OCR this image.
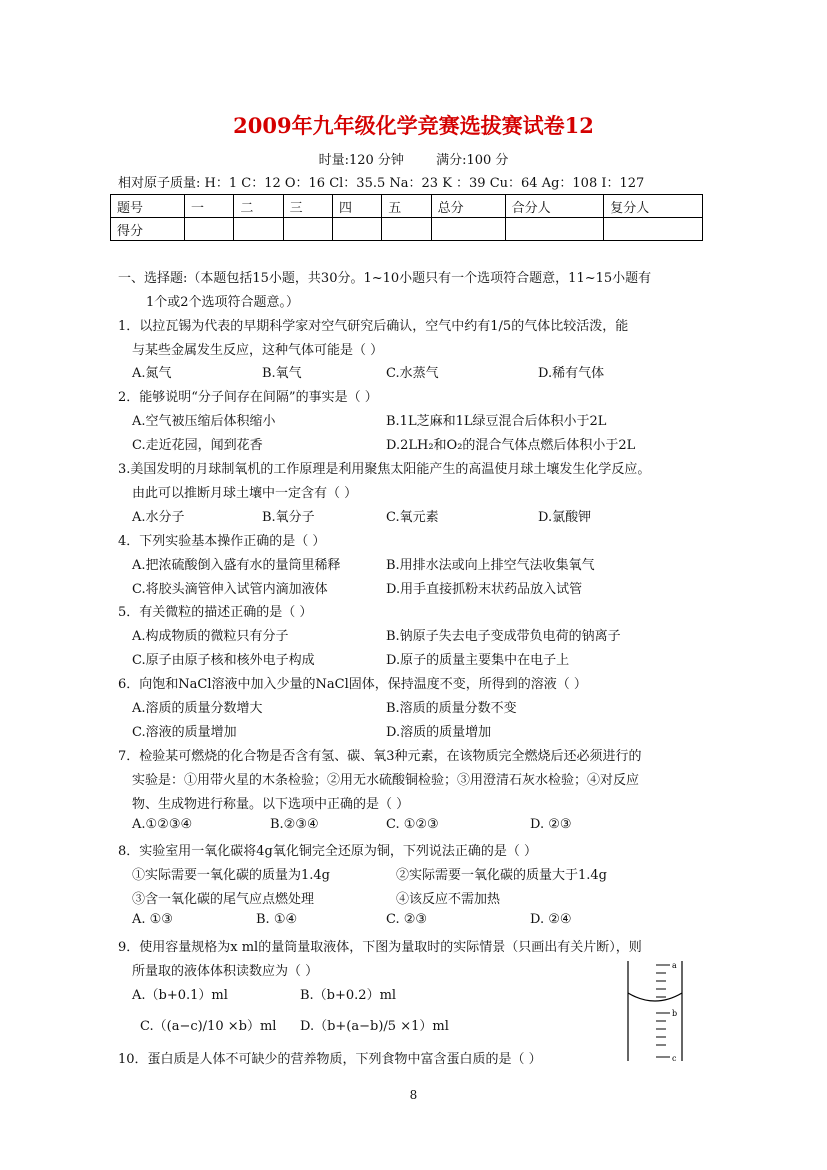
2009年九年级化学竞赛选拔赛试卷12
时量:120 分钟 满分:100 分
相对原子质量: H：1 C：12 O：16 Cl：35.5 Na：23 K ：39 Cu：64 Ag：108 I：127
题号	一	二	三	四	五	总分	合分人	复分人
得分								
一、选择题:（本题包括15小题，共30分。1~10小题只有一个选项符合题意，11~15小题有
1个或2个选项符合题意。）
1．以拉瓦锡为代表的早期科学家对空气研究后确认，空气中约有1/5的气体比较活泼，能
与某些金属发生反应，这种气体可能是（ ）
A.氮气	B.氧气	C.水蒸气	D.稀有气体
2．能够说明“分子间存在间隔”的事实是（ ）
A.空气被压缩后体积缩小	B.1L芝麻和1L绿豆混合后体积小于2L
C.走近花园，闻到花香	D.2LH₂和O₂的混合气体点燃后体积小于2L
3.美国发明的月球制氧机的工作原理是利用聚焦太阳能产生的高温使月球土壤发生化学反应。
由此可以推断月球土壤中一定含有（ ）
A.水分子	B.氧分子	C.氧元素	D.氯酸钾
4．下列实验基本操作正确的是（ ）
A.把浓硫酸倒入盛有水的量筒里稀释	B.用排水法或向上排空气法收集氧气
C.将胶头滴管伸入试管内滴加液体	D.用手直接抓粉末状药品放入试管
5．有关微粒的描述正确的是（ ）
A.构成物质的微粒只有分子	B.钠原子失去电子变成带负电荷的钠离子
C.原子由原子核和核外电子构成	D.原子的质量主要集中在电子上
6．向饱和NaCl溶液中加入少量的NaCl固体，保持温度不变，所得到的溶液（ ）
A.溶质的质量分数增大	B.溶质的质量分数不变
C.溶液的质量增加	D.溶质的质量增加
7．检验某可燃烧的化合物是否含有氢、碳、氧3种元素，在该物质完全燃烧后还必须进行的
实验是：①用带火星的木条检验；②用无水硫酸铜检验；③用澄清石灰水检验；④对反应
物、生成物进行称量。以下选项中正确的是（ ）
A.①②③④	B.②③④	C. ①②③	D. ②③
8．实验室用一氧化碳将4g氧化铜完全还原为铜，下列说法正确的是（ ）
①实际需要一氧化碳的质量为1.4g	②实际需要一氧化碳的质量大于1.4g
③含一氧化碳的尾气应点燃处理	④该反应不需加热
A. ①③	B. ①④	C. ②③	D. ②④
9．使用容量规格为x ml的量筒量取液体，下图为量取时的实际情景（只画出有关片断），则
所量取的液体体积读数应为（ ）
A.（b+0.1）ml	B.（b+0.2）ml
C.（(a−c)/10 ×b）ml D.（b+(a−b)/5 ×1）ml
10．蛋白质是人体不可缺少的营养物质，下列食物中富含蛋白质的是（ ）
a
b
c
8
